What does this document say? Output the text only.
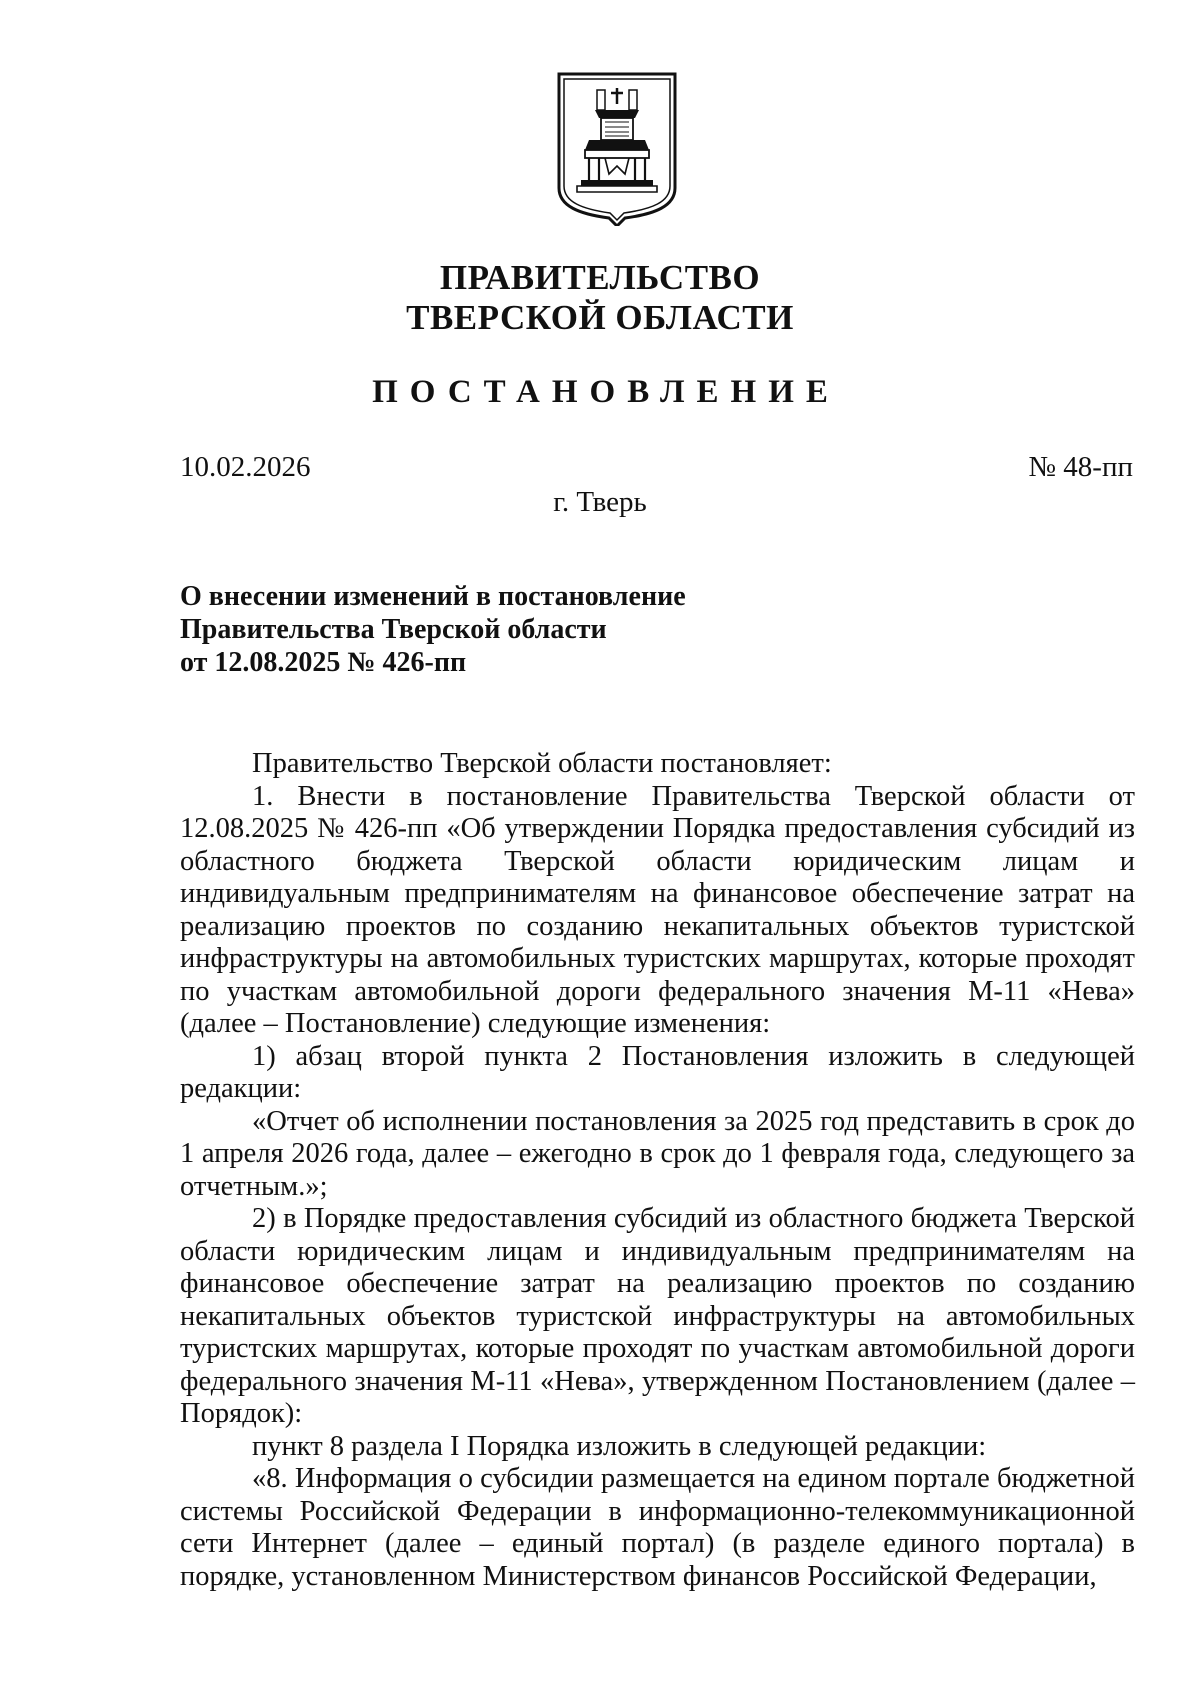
ПРАВИТЕЛЬСТВО
ТВЕРСКОЙ ОБЛАСТИ
ПОСТАНОВЛЕНИЕ
10.02.2026	№ 48-пп
г. Тверь
О внесении изменений в постановление
Правительства Тверской области
от 12.08.2025 № 426-пп

Правительство Тверской области постановляет:

1. Внести в постановление Правительства Тверской области от 12.08.2025 № 426-пп «Об утверждении Порядка предоставления субсидий из областного бюджета Тверской области юридическим лицам и индивидуальным предпринимателям на финансовое обеспечение затрат на реализацию проектов по созданию некапитальных объектов туристской инфраструктуры на автомобильных туристских маршрутах, которые проходят по участкам автомобильной дороги федерального значения М-11 «Нева» (далее – Постановление) следующие изменения:

1) абзац второй пункта 2 Постановления изложить в следующей редакции:

«Отчет об исполнении постановления за 2025 год представить в срок до 1 апреля 2026 года, далее – ежегодно в срок до 1 февраля года, следующего за отчетным.»;

2) в Порядке предоставления субсидий из областного бюджета Тверской области юридическим лицам и индивидуальным предпринимателям на финансовое обеспечение затрат на реализацию проектов по созданию некапитальных объектов туристской инфраструктуры на автомобильных туристских маршрутах, которые проходят по участкам автомобильной дороги федерального значения М-11 «Нева», утвержденном Постановлением (далее – Порядок):

пункт 8 раздела I Порядка изложить в следующей редакции:

«8. Информация о субсидии размещается на едином портале бюджетной системы Российской Федерации в информационно-телекоммуникационной сети Интернет (далее – единый портал) (в разделе единого портала) в порядке, установленном Министерством финансов Российской Федерации,
